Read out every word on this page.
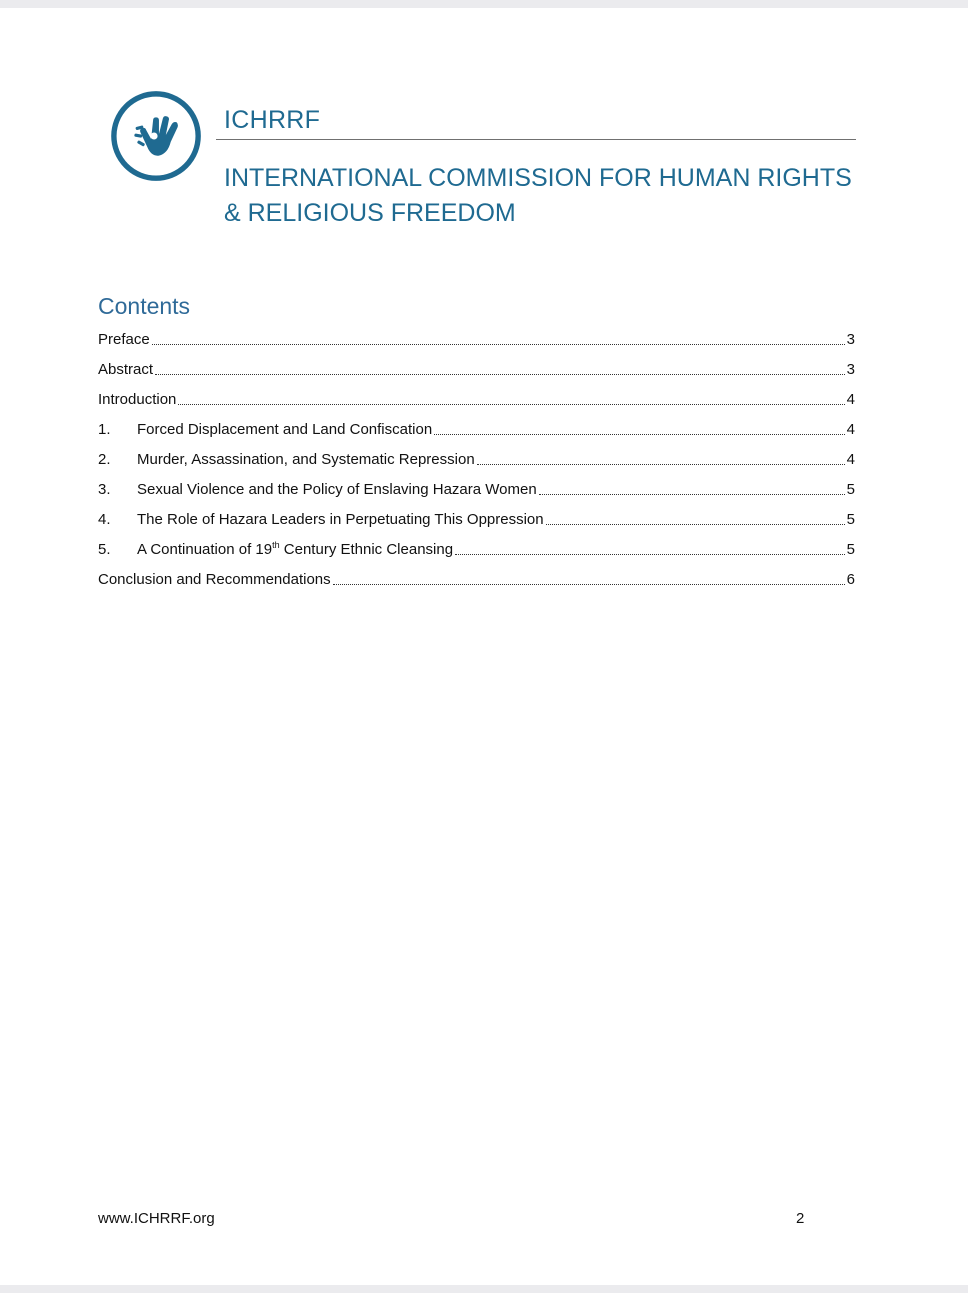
ICHRRF
INTERNATIONAL COMMISSION FOR HUMAN RIGHTS
& RELIGIOUS FREEDOM
Contents
Preface	3
Abstract	3
Introduction	4
1.	Forced Displacement and Land Confiscation	4
2.	Murder, Assassination, and Systematic Repression	4
3.	Sexual Violence and the Policy of Enslaving Hazara Women	5
4.	The Role of Hazara Leaders in Perpetuating This Oppression	5
5.	A Continuation of 19th Century Ethnic Cleansing	5
Conclusion and Recommendations	6
www.ICHRRF.org	2
